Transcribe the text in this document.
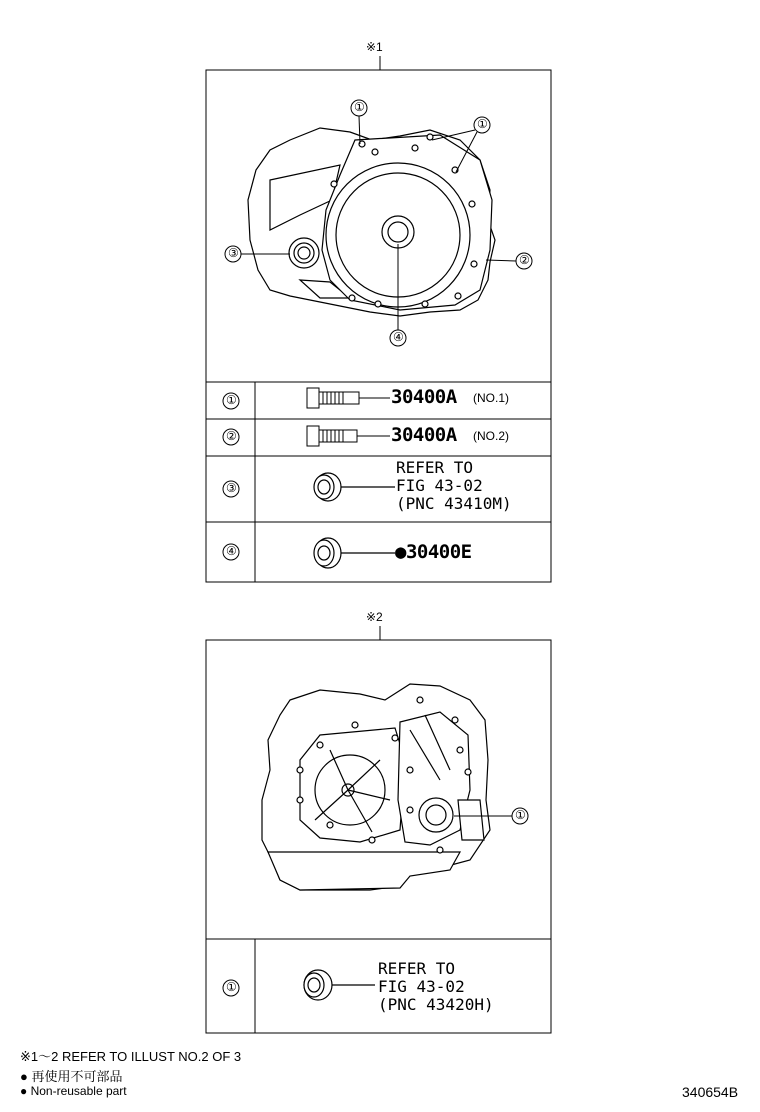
※1
①
①
②
③
④
①
②
③
④
30400A (NO.1)
30400A (NO.2)
REFER TO
FIG 43-02
(PNC 43410M)
●30400E
※2
①
①
REFER TO
FIG 43-02
(PNC 43420H)
※1～2 REFER TO ILLUST NO.2 OF 3
● 再使用不可部品
● Non-reusable part	340654B
